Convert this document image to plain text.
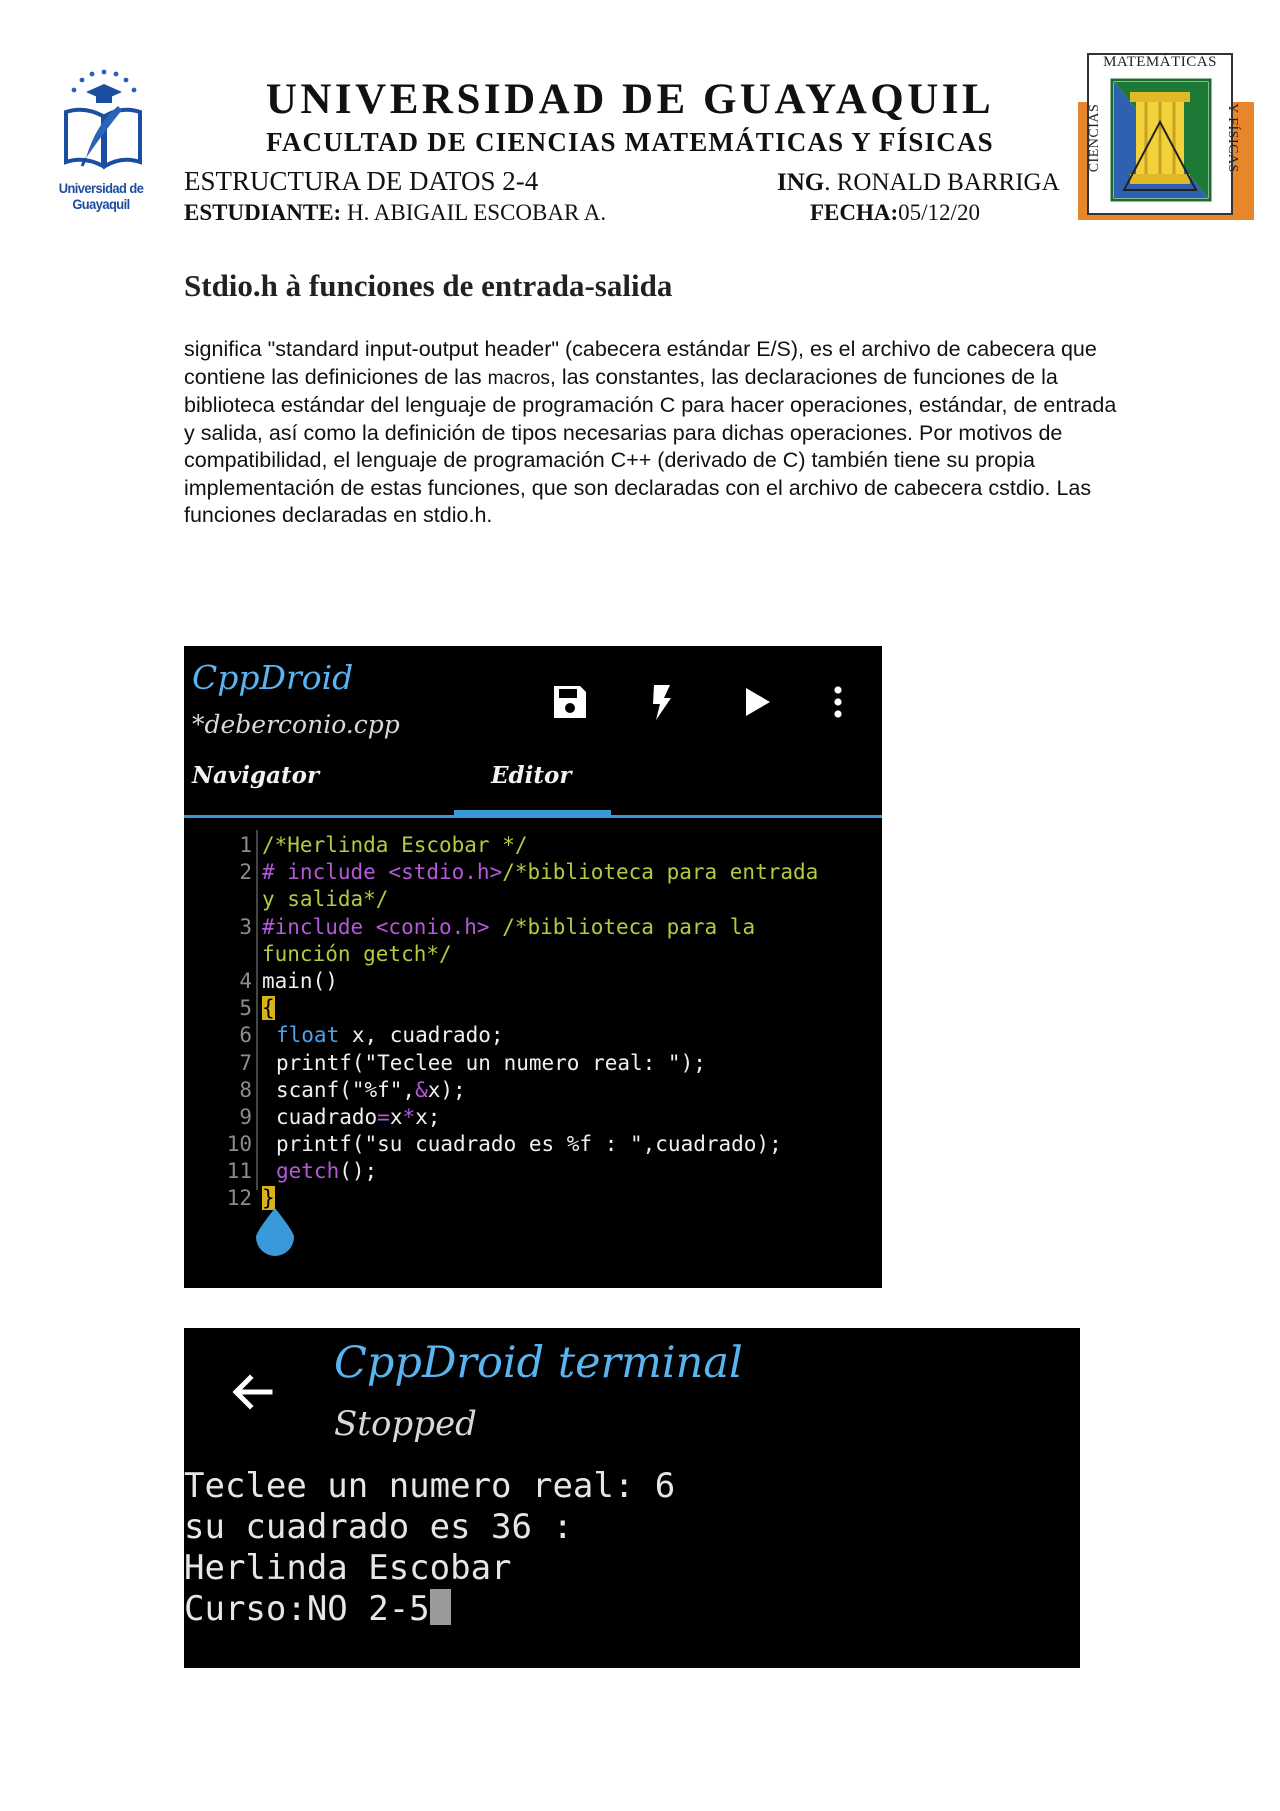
Universidad de Guayaquil
UNIVERSIDAD DE GUAYAQUIL
FACULTAD DE CIENCIAS MATEMÁTICAS Y FÍSICAS
ESTRUCTURA DE DATOS 2-4	ING. RONALD BARRIGA
ESTUDIANTE: H. ABIGAIL ESCOBAR A.	FECHA:05/12/20
MATEMÁTICAS
CIENCIAS	Y FÍSICAS
Stdio.h à funciones de entrada-salida
significa "standard input-output header" (cabecera estándar E/S), es el archivo de cabecera que contiene las definiciones de las macros, las constantes, las declaraciones de funciones de la biblioteca estándar del lenguaje de programación C para hacer operaciones, estándar, de entrada y salida, así como la definición de tipos necesarias para dichas operaciones. Por motivos de compatibilidad, el lenguaje de programación C++ (derivado de C) también tiene su propia implementación de estas funciones, que son declaradas con el archivo de cabecera cstdio. Las funciones declaradas en stdio.h.
CppDroid
*deberconio.cpp
Navigator	Editor
1 /*Herlinda Escobar */
2 # include <stdio.h>/*biblioteca para entrada
y salida*/
3 #include <conio.h> /*biblioteca para la
función getch*/
4 main()
5 {
6 float x, cuadrado;
7 printf("Teclee un numero real: ");
8 scanf("%f",&x);
9 cuadrado=x*x;
10 printf("su cuadrado es %f : ",cuadrado);
11 getch();
12 }
CppDroid terminal
Stopped
Teclee un numero real: 6
su cuadrado es 36 :
Herlinda Escobar
Curso:NO 2-5
